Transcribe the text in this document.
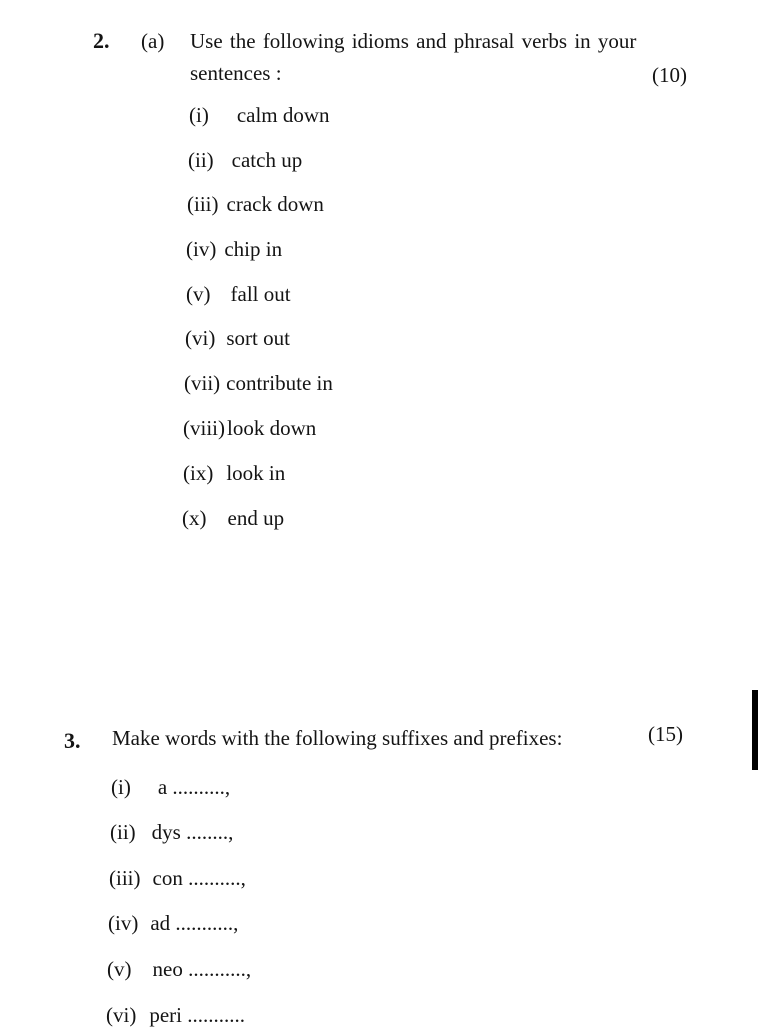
2. (a) Use the following idioms and phrasal verbs in your
sentences :	(10)
(i) calm down
(ii) catch up
(iii) crack down
(iv) chip in
(v) fall out
(vi) sort out
(vii) contribute in
(viii)look down
(ix) look in
(x) end up
3. Make words with the following suffixes and prefixes:	(15)
(i) a ..........,
(ii) dys ........,
(iii) con ..........,
(iv) ad ...........,
(v) neo ...........,
(vi) peri ...........
